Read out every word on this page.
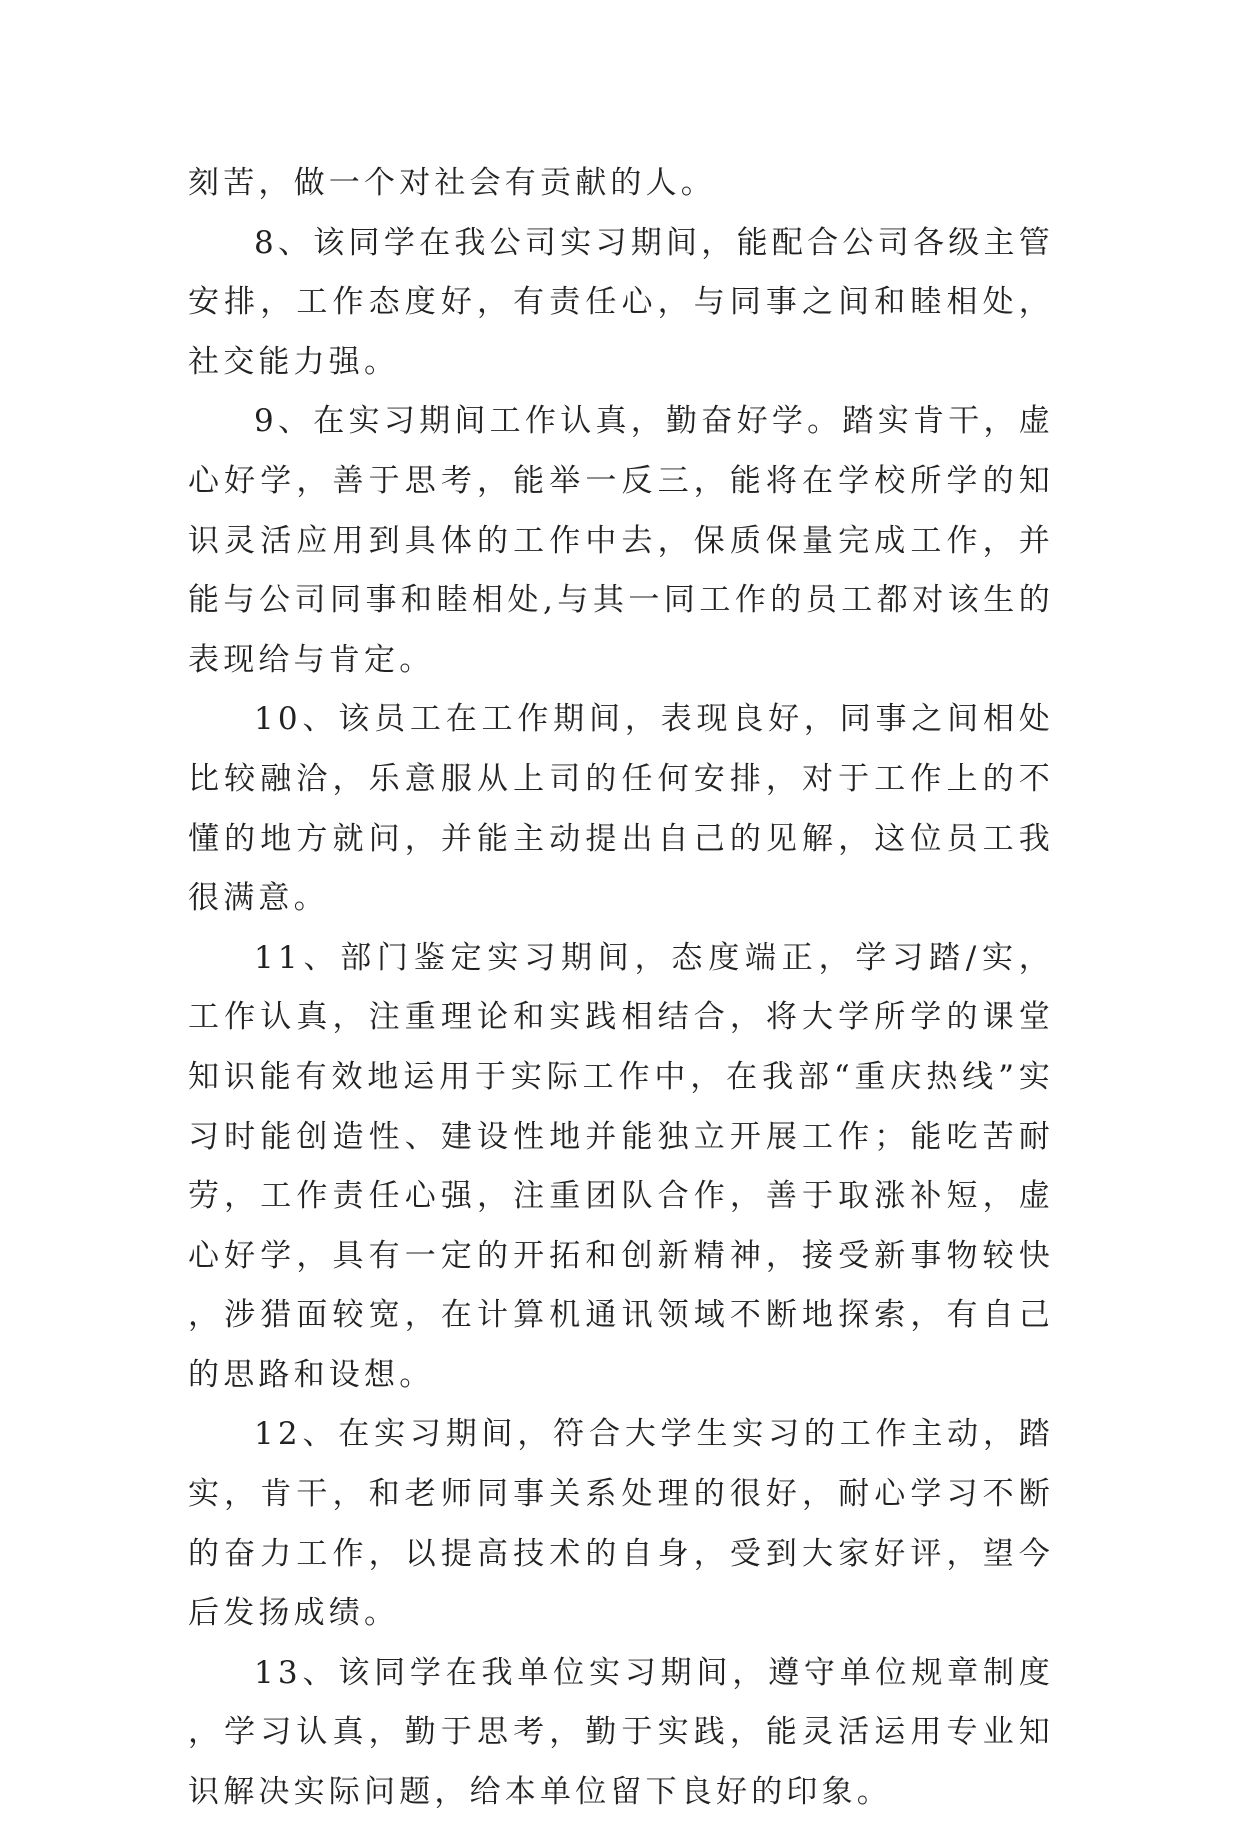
刻苦，做一个对社会有贡献的人。

8、该同学在我公司实习期间，能配合公司各级主管安排，工作态度好，有责任心，与同事之间和睦相处，社交能力强。

9、在实习期间工作认真，勤奋好学。踏实肯干，虚心好学，善于思考，能举一反三，能将在学校所学的知识灵活应用到具体的工作中去，保质保量完成工作，并能与公司同事和睦相处,与其一同工作的员工都对该生的表现给与肯定。

10、该员工在工作期间，表现良好，同事之间相处比较融洽，乐意服从上司的任何安排，对于工作上的不懂的地方就问，并能主动提出自己的见解，这位员工我很满意。

11、部门鉴定实习期间，态度端正，学习踏/实，工作认真，注重理论和实践相结合，将大学所学的课堂知识能有效地运用于实际工作中，在我部“重庆热线”实习时能创造性、建设性地并能独立开展工作；能吃苦耐劳，工作责任心强，注重团队合作，善于取涨补短，虚心好学，具有一定的开拓和创新精神，接受新事物较快，涉猎面较宽，在计算机通讯领域不断地探索，有自己的思路和设想。

12、在实习期间，符合大学生实习的工作主动，踏实，肯干，和老师同事关系处理的很好，耐心学习不断的奋力工作，以提高技术的自身，受到大家好评，望今后发扬成绩。

13、该同学在我单位实习期间，遵守单位规章制度，学习认真，勤于思考，勤于实践，能灵活运用专业知识解决实际问题，给本单位留下良好的印象。
